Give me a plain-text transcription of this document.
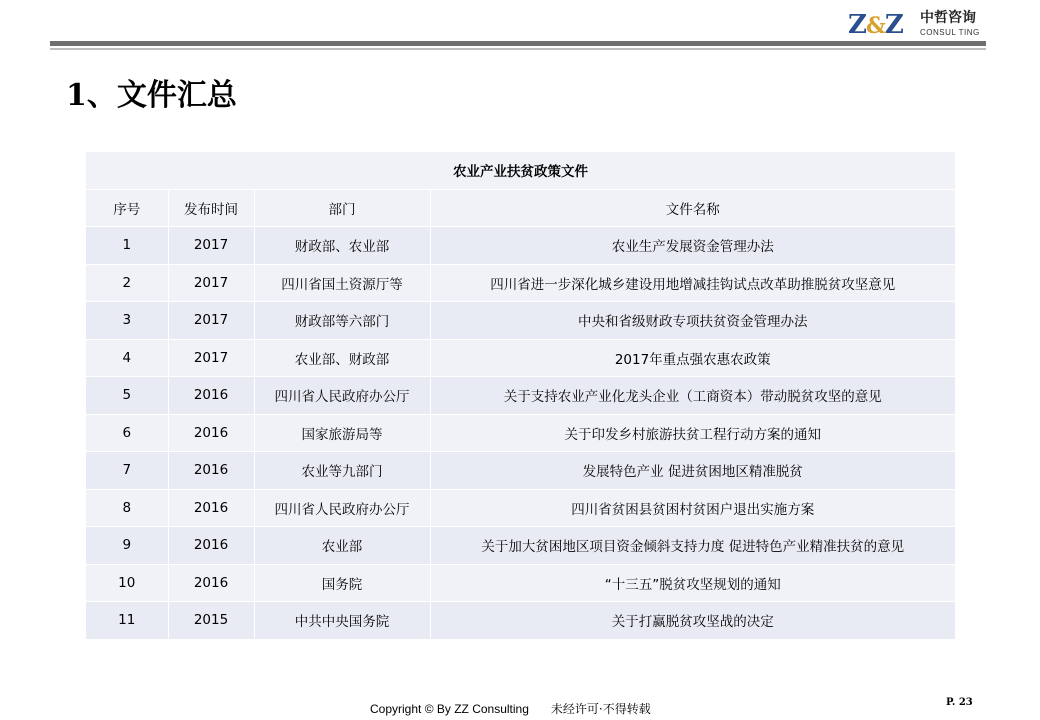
Z&Z 中哲咨询
CONSUL TING
1、文件汇总
农业产业扶贫政策文件			
序号	发布时间	部门	文件名称
1	2017	财政部、农业部	农业生产发展资金管理办法
2	2017	四川省国土资源厅等	四川省进一步深化城乡建设用地增减挂钩试点改革助推脱贫攻坚意见
3	2017	财政部等六部门	中央和省级财政专项扶贫资金管理办法
4	2017	农业部、财政部	2017年重点强农惠农政策
5	2016	四川省人民政府办公厅	关于支持农业产业化龙头企业（工商资本）带动脱贫攻坚的意见
6	2016	国家旅游局等	关于印发乡村旅游扶贫工程行动方案的通知
7	2016	农业等九部门	发展特色产业 促进贫困地区精准脱贫
8	2016	四川省人民政府办公厅	四川省贫困县贫困村贫困户退出实施方案
9	2016	农业部	关于加大贫困地区项目资金倾斜支持力度 促进特色产业精准扶贫的意见
10	2016	国务院	“十三五”脱贫攻坚规划的通知
11	2015	中共中央国务院	关于打赢脱贫攻坚战的决定
Copyright © By ZZ Consulting 未经许可·不得转载	P. 23
